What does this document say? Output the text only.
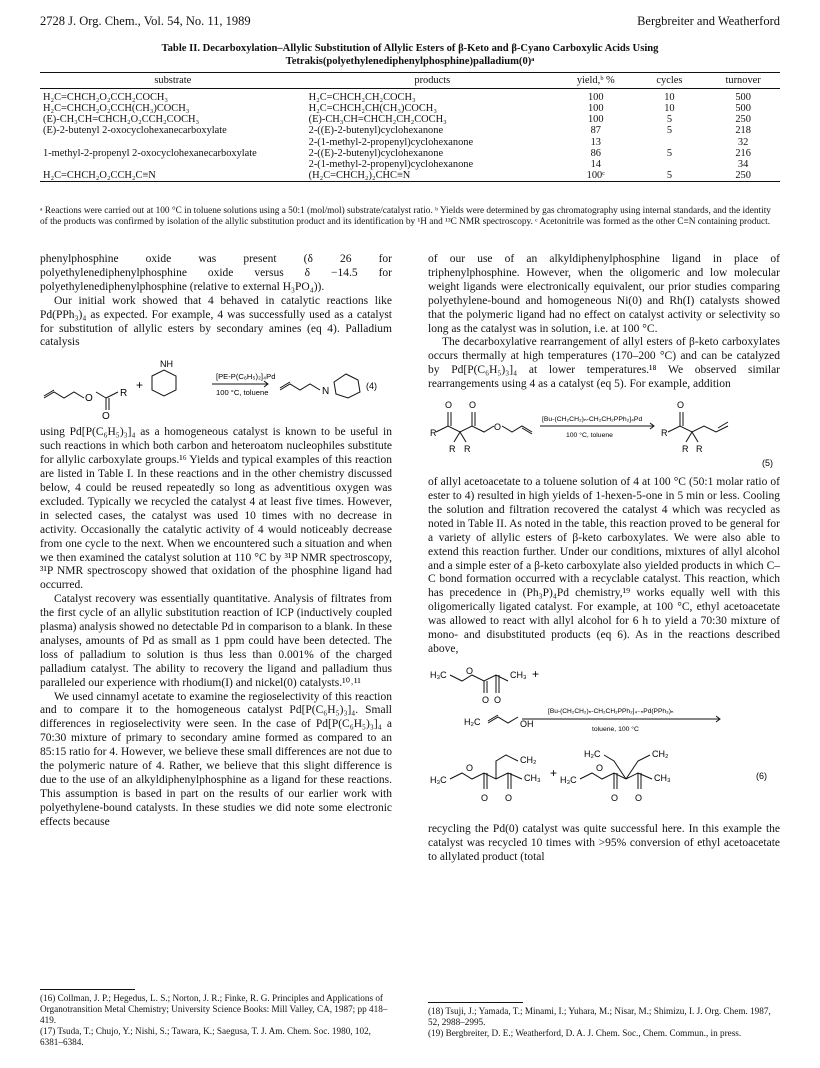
2728 J. Org. Chem., Vol. 54, No. 11, 1989	Bergbreiter and Weatherford
Table II. Decarboxylation–Allylic Substitution of Allylic Esters of β-Keto and β-Cyano Carboxylic Acids Using
Tetrakis(polyethylenediphenylphosphine)palladium(0)ᵃ
substrate	products	yield,ᵇ %	cycles	turnover

H₂C=CHCH₂O₂CCH₂COCH₃	H₂C=CHCH₂CH₂COCH₃	100	10	500
H₂C=CHCH₂O₂CCH(CH₃)COCH₃	H₂C=CHCH₂CH(CH₃)COCH₃	100	10	500
(E)-CH₃CH=CHCH₂O₂CCH₂COCH₃	(E)-CH₃CH=CHCH₂CH₂COCH₃	100	5	250
(E)-2-butenyl 2-oxocyclohexanecarboxylate	2-((E)-2-butenyl)cyclohexanone	87	5	218
	2-(1-methyl-2-propenyl)cyclohexanone	13		32
1-methyl-2-propenyl 2-oxocyclohexanecarboxylate	2-((E)-2-butenyl)cyclohexanone	86	5	216
	2-(1-methyl-2-propenyl)cyclohexanone	14		34
H₂C=CHCH₂O₂CCH₂C≡N	(H₂C=CHCH₂)₂CHC≡N	100ᶜ	5	250
ᵃ Reactions were carried out at 100 °C in toluene solutions using a 50:1 (mol/mol) substrate/catalyst ratio. ᵇ Yields were determined by gas chromatography using internal standards, and the identity of the products was confirmed by isolation of the allylic substitution product and its identification by ¹H and ¹³C NMR spectroscopy. ᶜ Acetonitrile was formed as the other C≡N containing product.

phenylphosphine oxide was present (δ 26 for polyethylenediphenylphosphine oxide versus δ −14.5 for polyethylenediphenylphosphine (relative to external H₃PO₄)).

Our initial work showed that 4 behaved in catalytic reactions like Pd(PPh₃)₄ as expected. For example, 4 was successfully used as a catalyst for substitution of allylic esters by secondary amines (eq 4). Palladium catalysis

O	R
O
+
NH
N
[PE-P(C₆H₅)₂]₄Pd
100 °C, toluene
(4)

using Pd[P(C₆H₅)₃]₄ as a homogeneous catalyst is known to be useful in such reactions in which both carbon and heteroatom nucleophiles substitute for allylic carboxylate groups.¹⁶ Yields and typical examples of this reaction are listed in Table I. In these reactions and in the other chemistry discussed below, 4 could be reused repeatedly so long as adventitious oxygen was excluded. Typically we recycled the catalyst 4 at least five times. However, in selected cases, the catalyst was used 10 times with no decrease in activity. Occasionally the catalytic activity of 4 would noticeably decrease from one cycle to the next. When we encountered such a situation and when we then examined the catalyst solution at 110 °C by ³¹P NMR spectroscopy, ³¹P NMR spectroscopy showed that oxidation of the phosphine ligand had occurred.

Catalyst recovery was essentially quantitative. Analysis of filtrates from the first cycle of an allylic substitution reaction of ICP (inductively coupled plasma) analysis showed no detectable Pd in comparison to a blank. In these analyses, amounts of Pd as small as 1 ppm could have been detected. The loss of palladium to solution is thus less than 0.001% of the charged palladium catalyst. The ability to recovery the ligand and palladium thus paralleled our experience with rhodium(I) and nickel(0) catalysts.¹⁰˒¹¹

We used cinnamyl acetate to examine the regioselectivity of this reaction and to compare it to the homogeneous catalyst Pd[P(C₆H₅)₃]₄. Small differences in regioselectivity were seen. In the case of Pd[P(C₆H₅)₃]₄ a 70:30 mixture of primary to secondary amine formed as compared to an 85:15 ratio for 4. However, we believe these small differences are not due to the polymeric nature of 4. Rather, we believe that this slight difference is due to the use of an alkyldiphenylphosphine as a ligand for these reactions. This assumption is based in part on the results of our earlier work with polyethylene-bound catalysts. In these studies we did note some electronic effects because

of our use of an alkyldiphenylphosphine ligand in place of triphenylphosphine. However, when the oligomeric and low molecular weight ligands were electronically equivalent, our prior studies comparing polyethylene-bound and homogeneous Ni(0) and Rh(I) catalysts showed that the polymeric ligand had no effect on catalyst activity or selectivity so long as the catalyst was in solution, i.e. at 100 °C.

The decarboxylative rearrangement of allyl esters of β-keto carboxylates occurs thermally at high temperatures (170–200 °C) and can be catalyzed by Pd[P(C₆H₅)₃]₄ at lower temperatures.¹⁸ We observed similar rearrangements using 4 as a catalyst (eq 5). For example, addition

O O
R
R R
O
O
R
R R
[Bu-(CH₂CH₂)ₙ-CH₂CH₂PPh₂]₄Pd
100 °C, toluene
(5)

of allyl acetoacetate to a toluene solution of 4 at 100 °C (50:1 molar ratio of ester to 4) resulted in high yields of 1-hexen-5-one in 5 min or less. Cooling the solution and filtration recovered the catalyst 4 which was recycled as noted in Table II. As noted in the table, this reaction proved to be general for a variety of allylic esters of β-keto carboxylates. We were also able to extend this reaction further. Under our conditions, mixtures of allyl alcohol and a simple ester of a β-keto carboxylate also yielded products in which C–C bond formation occurred with a recyclable catalyst. This reaction, which has precedence in (Ph₃P)₄Pd chemistry,¹⁹ works equally well with this oligomerically ligated catalyst. For example, at 100 °C, ethyl acetoacetate was allowed to react with allyl alcohol for 6 h to yield a 70:30 mixture of mono- and disubstituted products (eq 6). As in the reactions described above,

H₃C O	CH₃ +
O O
H₂C	OH
H₃C
O
CH₂
CH₃
O O
+ H₃C
O
H₂C	CH₂
CH₃
O O
[Bu-(CH₂CH₂)ₙ-CH₂CH₂PPh₂]₄₋ₙPd(PPh₃)ₙ
toluene, 100 °C
(6)

recycling the Pd(0) catalyst was quite successful here. In this example the catalyst was recycled 10 times with >95% conversion of ethyl acetoacetate to allylated product (total

(16) Collman, J. P.; Hegedus, L. S.; Norton, J. R.; Finke, R. G. Principles and Applications of Organotransition Metal Chemistry; University Science Books: Mill Valley, CA, 1987; pp 418–419.
(17) Tsuda, T.; Chujo, Y.; Nishi, S.; Tawara, K.; Saegusa, T. J. Am. Chem. Soc. 1980, 102, 6381–6384.
(18) Tsuji, J.; Yamada, T.; Minami, I.; Yuhara, M.; Nisar, M.; Shimizu, I. J. Org. Chem. 1987, 52, 2988–2995.
(19) Bergbreiter, D. E.; Weatherford, D. A. J. Chem. Soc., Chem. Commun., in press.
